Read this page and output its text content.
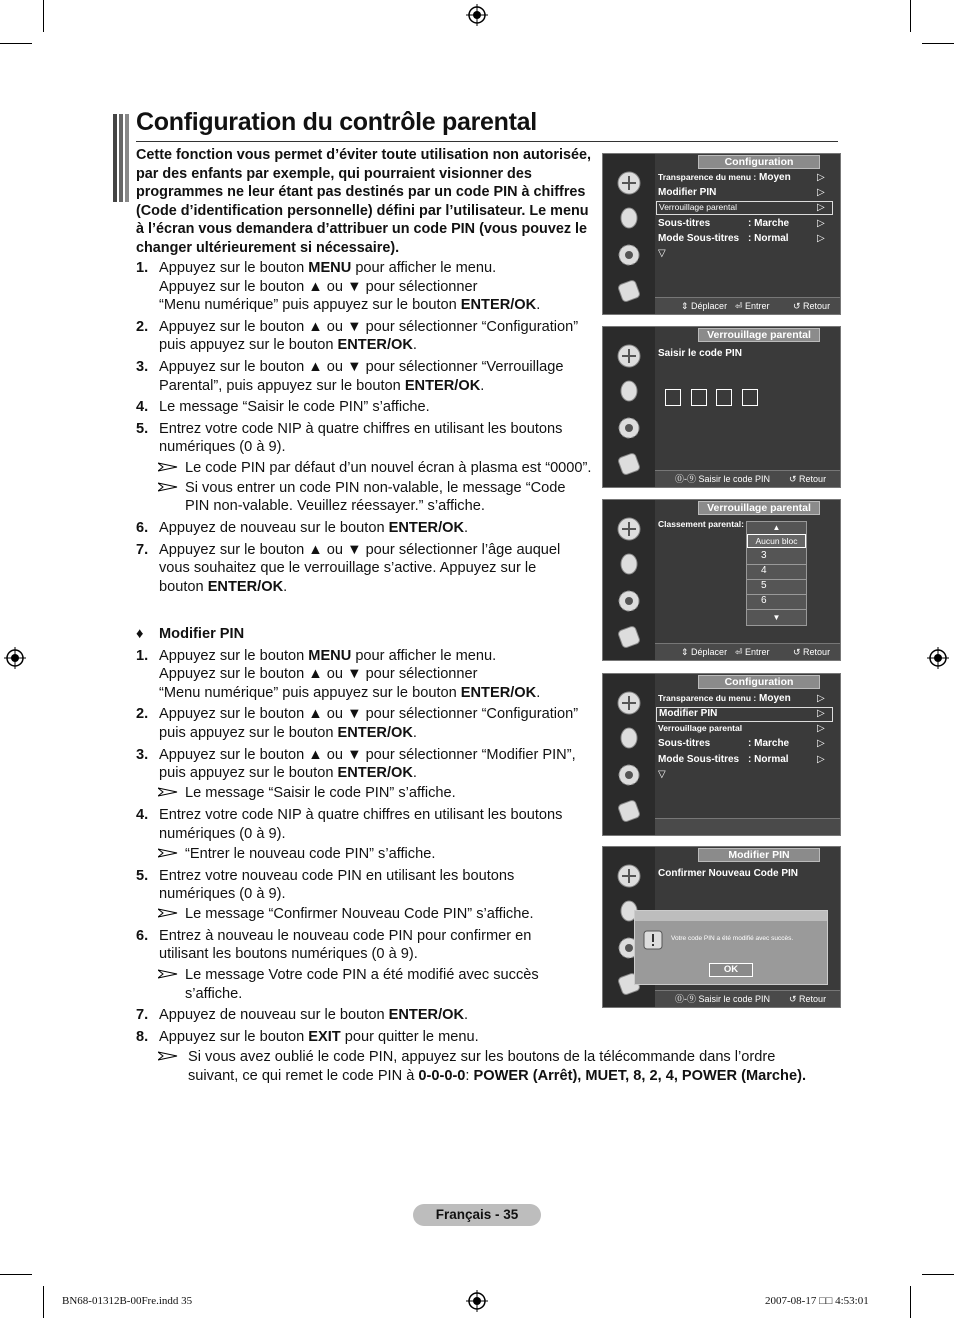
Configuration du contrôle parental
Cette fonction vous permet d’éviter toute utilisation non autorisée, par des enfants par exemple, qui pourraient visionner des programmes ne leur étant pas destinés par un code PIN à chiffres (Code d’identification personnelle) défini par l’utilisateur. Le menu à l’écran vous demandera d’attribuer un code PIN (vous pouvez le changer ultérieurement si nécessaire).
1. Appuyez sur le bouton MENU pour afficher le menu.
Appuyez sur le bouton ▲ ou ▼ pour sélectionner
“Menu numérique” puis appuyez sur le bouton ENTER/OK.
2. Appuyez sur le bouton ▲ ou ▼ pour sélectionner “Configuration”
puis appuyez sur le bouton ENTER/OK.
3. Appuyez sur le bouton ▲ ou ▼ pour sélectionner “Verrouillage
Parental”, puis appuyez sur le bouton ENTER/OK.
4. Le message “Saisir le code PIN” s’affiche.
5. Entrez votre code NIP à quatre chiffres en utilisant les boutons
numériques (0 à 9).
Le code PIN par défaut d’un nouvel écran à plasma est “0000”.
Si vous entrer un code PIN non-valable, le message “Code
PIN non-valable. Veuillez réessayer.” s’affiche.
6. Appuyez de nouveau sur le bouton ENTER/OK.
7. Appuyez sur le bouton ▲ ou ▼ pour sélectionner l’âge auquel
vous souhaitez que le verrouillage s’active. Appuyez sur le
bouton ENTER/OK.
♦ Modifier PIN
1. Appuyez sur le bouton MENU pour afficher le menu.
Appuyez sur le bouton ▲ ou ▼ pour sélectionner
“Menu numérique” puis appuyez sur le bouton ENTER/OK.
2. Appuyez sur le bouton ▲ ou ▼ pour sélectionner “Configuration”
puis appuyez sur le bouton ENTER/OK.
3. Appuyez sur le bouton ▲ ou ▼ pour sélectionner “Modifier PIN”,
puis appuyez sur le bouton ENTER/OK.
Le message “Saisir le code PIN” s’affiche.
4. Entrez votre code NIP à quatre chiffres en utilisant les boutons
numériques (0 à 9).
“Entrer le nouveau code PIN” s’affiche.
5. Entrez votre nouveau code PIN en utilisant les boutons
numériques (0 à 9).
Le message “Confirmer Nouveau Code PIN” s’affiche.
6. Entrez à nouveau le nouveau code PIN pour confirmer en
utilisant les boutons numériques (0 à 9).
Le message Votre code PIN a été modifié avec succès
s’affiche.
7. Appuyez de nouveau sur le bouton ENTER/OK.
8. Appuyez sur le bouton EXIT pour quitter le menu.
Si vous avez oublié le code PIN, appuyez sur les boutons de la télécommande dans l’ordre
suivant, ce qui remet le code PIN à 0-0-0-0: POWER (Arrêt), MUET, 8, 2, 4, POWER (Marche).
Configuration
Transparence du menu : Moyen	▷
Modifier PIN	▷
Verrouillage parental	▷
Sous-titres	: Marche	▷
Mode Sous-titres : Normal	▷
▽
⇕ Déplacer ⏎ Entrer	↺ Retour
Verrouillage parental
Saisir le code PIN
⓪-⑨ Saisir le code PIN ↺ Retour
Verrouillage parental
Classement parental:	▲
Aucun bloc
3
4
5
6
▼
⇕ Déplacer ⏎ Entrer	↺ Retour
Configuration
Transparence du menu : Moyen	▷
Modifier PIN	▷
Verrouillage parental	▷
Sous-titres	: Marche	▷
Mode Sous-titres : Normal	▷
▽
Modifier PIN
Confirmer Nouveau Code PIN
Votre code PIN a été modifié avec succès.
OK
⓪-⑨ Saisir le code PIN ↺ Retour
Français - 35
BN68-01312B-00Fre.indd 35	2007-08-17 □□ 4:53:01
